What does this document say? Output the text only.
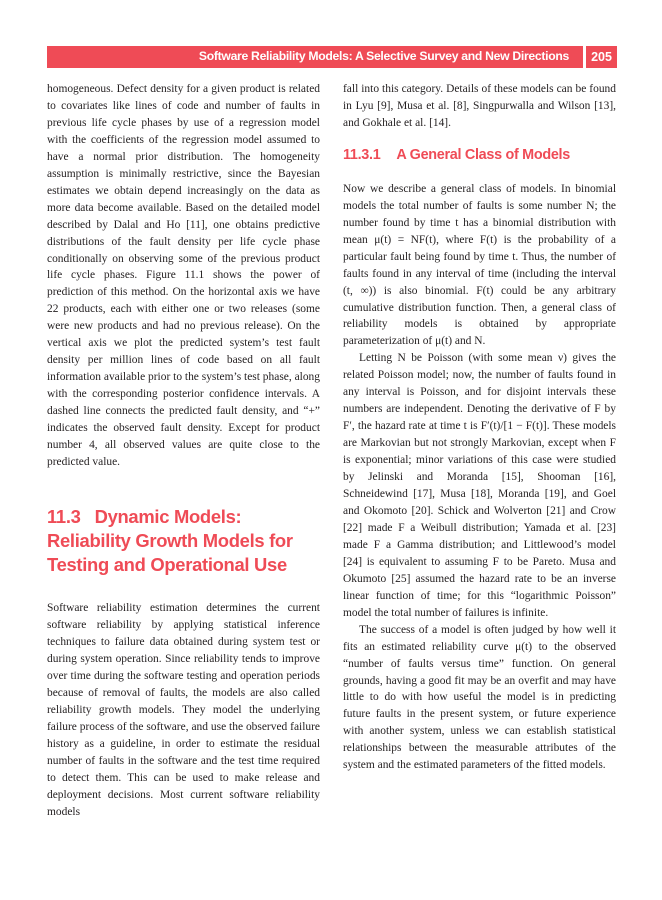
Software Reliability Models: A Selective Survey and New Directions	205

homogeneous. Defect density for a given product is related to covariates like lines of code and number of faults in previous life cycle phases by use of a regression model with the coefficients of the regression model assumed to have a normal prior distribution. The homogeneity assumption is minimally restrictive, since the Bayesian estimates we obtain depend increasingly on the data as more data become available. Based on the detailed model described by Dalal and Ho [11], one obtains predictive distributions of the fault density per life cycle phase conditionally on observing some of the previous product life cycle phases. Figure 11.1 shows the power of prediction of this method. On the horizontal axis we have 22 products, each with either one or two releases (some were new products and had no previous release). On the vertical axis we plot the predicted system’s test fault density per million lines of code based on all fault information available prior to the system’s test phase, along with the corresponding posterior confidence intervals. A dashed line connects the predicted fault density, and “+” indicates the observed fault density. Except for product number 4, all observed values are quite close to the predicted value.

11.3 Dynamic Models: Reliability Growth Models for Testing and Operational Use

Software reliability estimation determines the current software reliability by applying statistical inference techniques to failure data obtained during system test or during system operation. Since reliability tends to improve over time during the software testing and operation periods because of removal of faults, the models are also called reliability growth models. They model the underlying failure process of the software, and use the observed failure history as a guideline, in order to estimate the residual number of faults in the software and the test time required to detect them. This can be used to make release and deployment decisions. Most current software reliability models

fall into this category. Details of these models can be found in Lyu [9], Musa et al. [8], Singpurwalla and Wilson [13], and Gokhale et al. [14].

11.3.1 A General Class of Models

Now we describe a general class of models. In binomial models the total number of faults is some number N; the number found by time t has a binomial distribution with mean μ(t) = NF(t), where F(t) is the probability of a particular fault being found by time t. Thus, the number of faults found in any interval of time (including the interval (t, ∞)) is also binomial. F(t) could be any arbitrary cumulative distribution function. Then, a general class of reliability models is obtained by appropriate parameterization of μ(t) and N.

Letting N be Poisson (with some mean ν) gives the related Poisson model; now, the number of faults found in any interval is Poisson, and for disjoint intervals these numbers are independent. Denoting the derivative of F by F′, the hazard rate at time t is F′(t)/[1 − F(t)]. These models are Markovian but not strongly Markovian, except when F is exponential; minor variations of this case were studied by Jelinski and Moranda [15], Shooman [16], Schneidewind [17], Musa [18], Moranda [19], and Goel and Okomoto [20]. Schick and Wolverton [21] and Crow [22] made F a Weibull distribution; Yamada et al. [23] made F a Gamma distribution; and Littlewood’s model [24] is equivalent to assuming F to be Pareto. Musa and Okumoto [25] assumed the hazard rate to be an inverse linear function of time; for this “logarithmic Poisson” model the total number of failures is infinite.

The success of a model is often judged by how well it fits an estimated reliability curve μ(t) to the observed “number of faults versus time” function. On general grounds, having a good fit may be an overfit and may have little to do with how useful the model is in predicting future faults in the present system, or future experience with another system, unless we can establish statistical relationships between the measurable attributes of the system and the estimated parameters of the fitted models.
